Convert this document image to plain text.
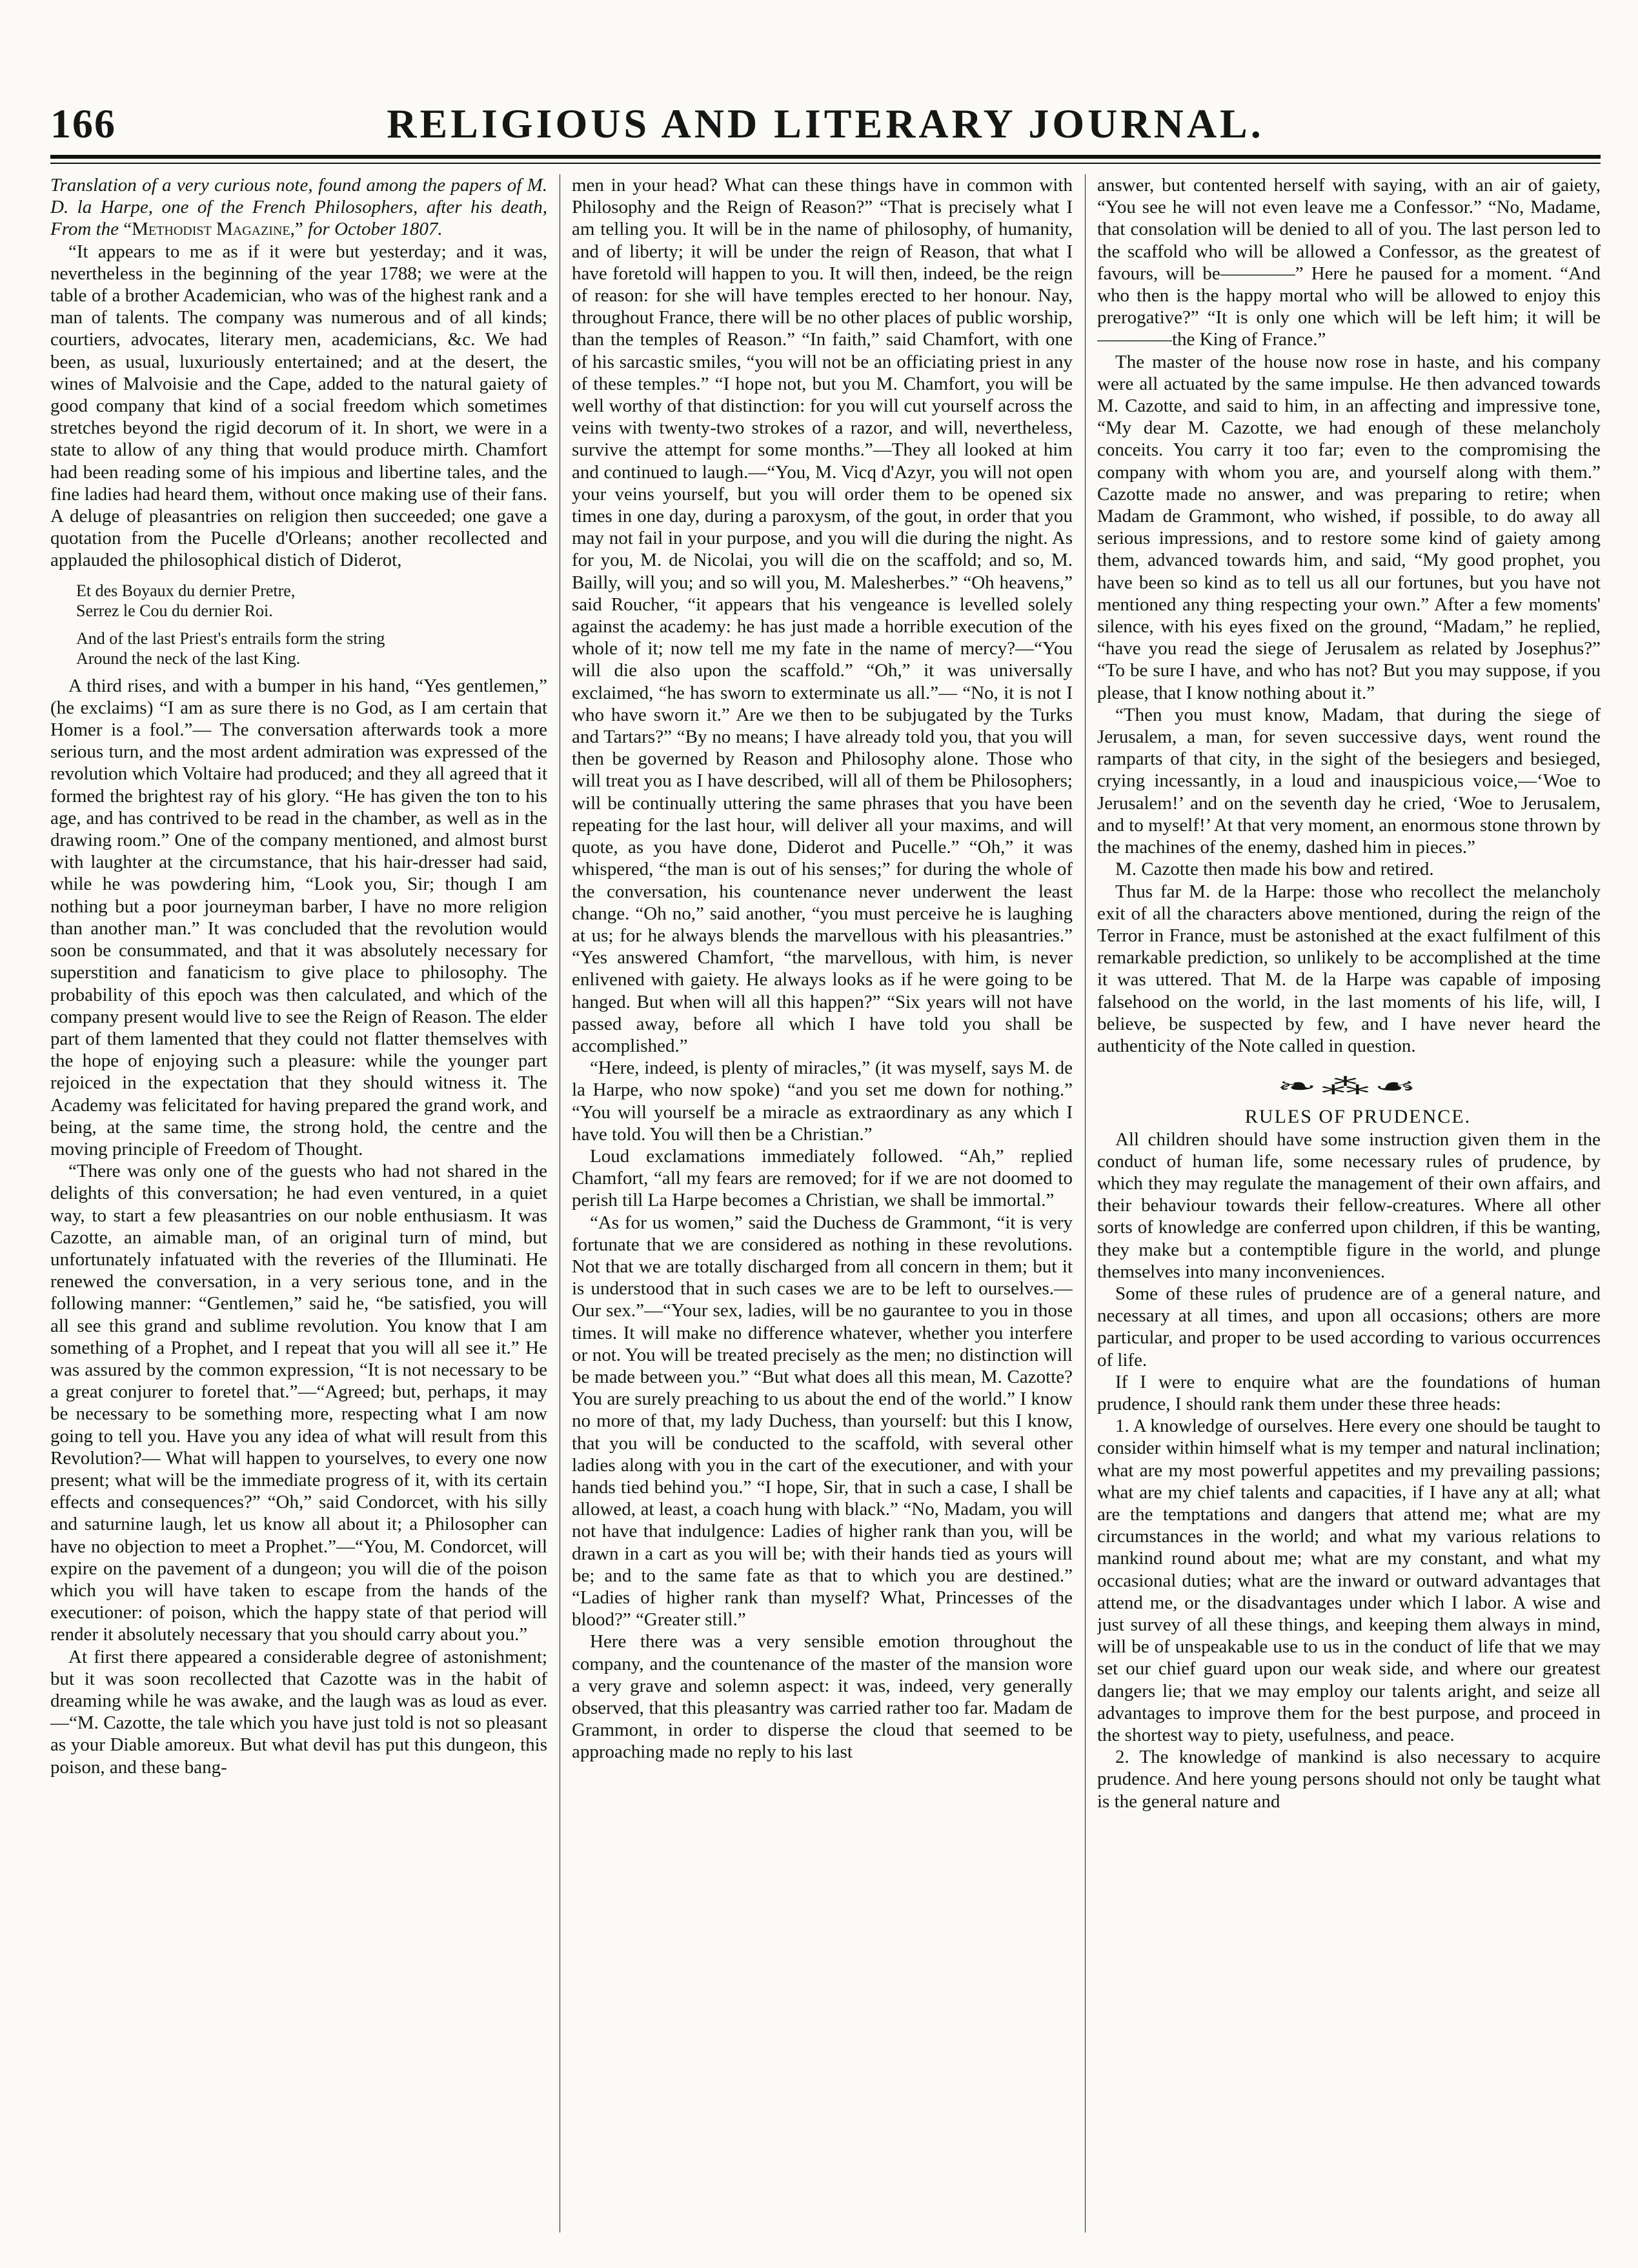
166	RELIGIOUS AND LITERARY JOURNAL.

Translation of a very curious note, found among the papers of M. D. la Harpe, one of the French Philosophers, after his death, From the “Methodist Magazine,” for October 1807.

“It appears to me as if it were but yesterday; and it was, nevertheless in the beginning of the year 1788; we were at the table of a brother Academician, who was of the highest rank and a man of talents. The company was numerous and of all kinds; courtiers, advocates, literary men, academicians, &c. We had been, as usual, luxuriously entertained; and at the desert, the wines of Malvoisie and the Cape, added to the natural gaiety of good company that kind of a social freedom which sometimes stretches beyond the rigid decorum of it. In short, we were in a state to allow of any thing that would produce mirth. Chamfort had been reading some of his impious and libertine tales, and the fine ladies had heard them, without once making use of their fans. A deluge of pleasantries on religion then succeeded; one gave a quotation from the Pucelle d'Orleans; another recollected and applauded the philosophical distich of Diderot,

Et des Boyaux du dernier Pretre,

Serrez le Cou du dernier Roi.

And of the last Priest's entrails form the string

Around the neck of the last King.

A third rises, and with a bumper in his hand, “Yes gentlemen,” (he exclaims) “I am as sure there is no God, as I am certain that Homer is a fool.”— The conversation afterwards took a more serious turn, and the most ardent admiration was expressed of the revolution which Voltaire had produced; and they all agreed that it formed the brightest ray of his glory. “He has given the ton to his age, and has contrived to be read in the chamber, as well as in the drawing room.” One of the company mentioned, and almost burst with laughter at the circumstance, that his hair-dresser had said, while he was powdering him, “Look you, Sir; though I am nothing but a poor journeyman barber, I have no more religion than another man.” It was concluded that the revolution would soon be consummated, and that it was absolutely necessary for superstition and fanaticism to give place to philosophy. The probability of this epoch was then calculated, and which of the company present would live to see the Reign of Reason. The elder part of them lamented that they could not flatter themselves with the hope of enjoying such a pleasure: while the younger part rejoiced in the expectation that they should witness it. The Academy was felicitated for having prepared the grand work, and being, at the same time, the strong hold, the centre and the moving principle of Freedom of Thought.

“There was only one of the guests who had not shared in the delights of this conversation; he had even ventured, in a quiet way, to start a few pleasantries on our noble enthusiasm. It was Cazotte, an aimable man, of an original turn of mind, but unfortunately infatuated with the reveries of the Illuminati. He renewed the conversation, in a very serious tone, and in the following manner: “Gentlemen,” said he, “be satisfied, you will all see this grand and sublime revolution. You know that I am something of a Prophet, and I repeat that you will all see it.” He was assured by the common expression, “It is not necessary to be a great conjurer to foretel that.”—“Agreed; but, perhaps, it may be necessary to be something more, respecting what I am now going to tell you. Have you any idea of what will result from this Revolution?— What will happen to yourselves, to every one now present; what will be the immediate progress of it, with its certain effects and consequences?” “Oh,” said Condorcet, with his silly and saturnine laugh, let us know all about it; a Philosopher can have no objection to meet a Prophet.”—“You, M. Condorcet, will expire on the pavement of a dungeon; you will die of the poison which you will have taken to escape from the hands of the executioner: of poison, which the happy state of that period will render it absolutely necessary that you should carry about you.”

At first there appeared a considerable degree of astonishment; but it was soon recollected that Cazotte was in the habit of dreaming while he was awake, and the laugh was as loud as ever.—“M. Cazotte, the tale which you have just told is not so pleasant as your Diable amoreux. But what devil has put this dungeon, this poison, and these bang-

men in your head? What can these things have in common with Philosophy and the Reign of Reason?” “That is precisely what I am telling you. It will be in the name of philosophy, of humanity, and of liberty; it will be under the reign of Reason, that what I have foretold will happen to you. It will then, indeed, be the reign of reason: for she will have temples erected to her honour. Nay, throughout France, there will be no other places of public worship, than the temples of Reason.” “In faith,” said Chamfort, with one of his sarcastic smiles, “you will not be an officiating priest in any of these temples.” “I hope not, but you M. Chamfort, you will be well worthy of that distinction: for you will cut yourself across the veins with twenty-two strokes of a razor, and will, nevertheless, survive the attempt for some months.”—They all looked at him and continued to laugh.—“You, M. Vicq d'Azyr, you will not open your veins yourself, but you will order them to be opened six times in one day, during a paroxysm, of the gout, in order that you may not fail in your purpose, and you will die during the night. As for you, M. de Nicolai, you will die on the scaffold; and so, M. Bailly, will you; and so will you, M. Malesherbes.” “Oh heavens,” said Roucher, “it appears that his vengeance is levelled solely against the academy: he has just made a horrible execution of the whole of it; now tell me my fate in the name of mercy?—“You will die also upon the scaffold.” “Oh,” it was universally exclaimed, “he has sworn to exterminate us all.”— “No, it is not I who have sworn it.” Are we then to be subjugated by the Turks and Tartars?” “By no means; I have already told you, that you will then be governed by Reason and Philosophy alone. Those who will treat you as I have described, will all of them be Philosophers; will be continually uttering the same phrases that you have been repeating for the last hour, will deliver all your maxims, and will quote, as you have done, Diderot and Pucelle.” “Oh,” it was whispered, “the man is out of his senses;” for during the whole of the conversation, his countenance never underwent the least change. “Oh no,” said another, “you must perceive he is laughing at us; for he always blends the marvellous with his pleasantries.” “Yes answered Chamfort, “the marvellous, with him, is never enlivened with gaiety. He always looks as if he were going to be hanged. But when will all this happen?” “Six years will not have passed away, before all which I have told you shall be accomplished.”

“Here, indeed, is plenty of miracles,” (it was myself, says M. de la Harpe, who now spoke) “and you set me down for nothing.” “You will yourself be a miracle as extraordinary as any which I have told. You will then be a Christian.”

Loud exclamations immediately followed. “Ah,” replied Chamfort, “all my fears are removed; for if we are not doomed to perish till La Harpe becomes a Christian, we shall be immortal.”

“As for us women,” said the Duchess de Grammont, “it is very fortunate that we are considered as nothing in these revolutions. Not that we are totally discharged from all concern in them; but it is understood that in such cases we are to be left to ourselves.—Our sex.”—“Your sex, ladies, will be no gaurantee to you in those times. It will make no difference whatever, whether you interfere or not. You will be treated precisely as the men; no distinction will be made between you.” “But what does all this mean, M. Cazotte? You are surely preaching to us about the end of the world.” I know no more of that, my lady Duchess, than yourself: but this I know, that you will be conducted to the scaffold, with several other ladies along with you in the cart of the executioner, and with your hands tied behind you.” “I hope, Sir, that in such a case, I shall be allowed, at least, a coach hung with black.” “No, Madam, you will not have that indulgence: Ladies of higher rank than you, will be drawn in a cart as you will be; with their hands tied as yours will be; and to the same fate as that to which you are destined.” “Ladies of higher rank than myself? What, Princesses of the blood?” “Greater still.”

Here there was a very sensible emotion throughout the company, and the countenance of the master of the mansion wore a very grave and solemn aspect: it was, indeed, very generally observed, that this pleasantry was carried rather too far. Madam de Grammont, in order to disperse the cloud that seemed to be approaching made no reply to his last

answer, but contented herself with saying, with an air of gaiety, “You see he will not even leave me a Confessor.” “No, Madame, that consolation will be denied to all of you. The last person led to the scaffold who will be allowed a Confessor, as the greatest of favours, will be————” Here he paused for a moment. “And who then is the happy mortal who will be allowed to enjoy this prerogative?” “It is only one which will be left him; it will be————the King of France.”

The master of the house now rose in haste, and his company were all actuated by the same impulse. He then advanced towards M. Cazotte, and said to him, in an affecting and impressive tone, “My dear M. Cazotte, we had enough of these melancholy conceits. You carry it too far; even to the compromising the company with whom you are, and yourself along with them.” Cazotte made no answer, and was preparing to retire; when Madam de Grammont, who wished, if possible, to do away all serious impressions, and to restore some kind of gaiety among them, advanced towards him, and said, “My good prophet, you have been so kind as to tell us all our fortunes, but you have not mentioned any thing respecting your own.” After a few moments' silence, with his eyes fixed on the ground, “Madam,” he replied, “have you read the siege of Jerusalem as related by Josephus?” “To be sure I have, and who has not? But you may suppose, if you please, that I know nothing about it.”

“Then you must know, Madam, that during the siege of Jerusalem, a man, for seven successive days, went round the ramparts of that city, in the sight of the besiegers and besieged, crying incessantly, in a loud and inauspicious voice,—‘Woe to Jerusalem!’ and on the seventh day he cried, ‘Woe to Jerusalem, and to myself!’ At that very moment, an enormous stone thrown by the machines of the enemy, dashed him in pieces.”

M. Cazotte then made his bow and retired.

Thus far M. de la Harpe: those who recollect the melancholy exit of all the characters above mentioned, during the reign of the Terror in France, must be astonished at the exact fulfilment of this remarkable prediction, so unlikely to be accomplished at the time it was uttered. That M. de la Harpe was capable of imposing falsehood on the world, in the last moments of his life, will, I believe, be suspected by few, and I have never heard the authenticity of the Note called in question.

❧⁂☙

RULES OF PRUDENCE.

All children should have some instruction given them in the conduct of human life, some necessary rules of prudence, by which they may regulate the management of their own affairs, and their behaviour towards their fellow-creatures. Where all other sorts of knowledge are conferred upon children, if this be wanting, they make but a contemptible figure in the world, and plunge themselves into many inconveniences.

Some of these rules of prudence are of a general nature, and necessary at all times, and upon all occasions; others are more particular, and proper to be used according to various occurrences of life.

If I were to enquire what are the foundations of human prudence, I should rank them under these three heads:

1. A knowledge of ourselves. Here every one should be taught to consider within himself what is my temper and natural inclination; what are my most powerful appetites and my prevailing passions; what are my chief talents and capacities, if I have any at all; what are the temptations and dangers that attend me; what are my circumstances in the world; and what my various relations to mankind round about me; what are my constant, and what my occasional duties; what are the inward or outward advantages that attend me, or the disadvantages under which I labor. A wise and just survey of all these things, and keeping them always in mind, will be of unspeakable use to us in the conduct of life that we may set our chief guard upon our weak side, and where our greatest dangers lie; that we may employ our talents aright, and seize all advantages to improve them for the best purpose, and proceed in the shortest way to piety, usefulness, and peace.

2. The knowledge of mankind is also necessary to acquire prudence. And here young persons should not only be taught what is the general nature and
